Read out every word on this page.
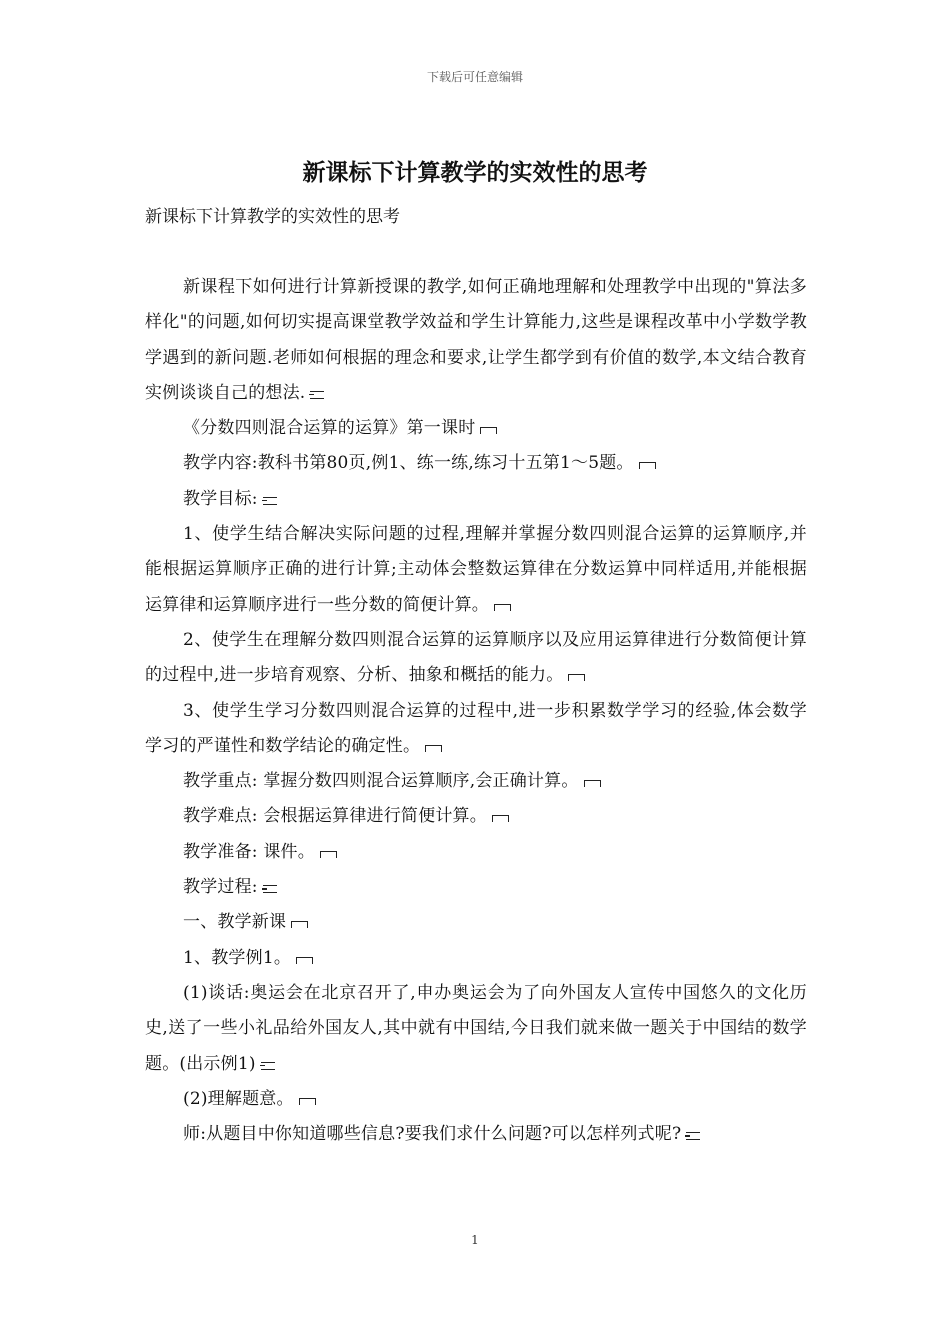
下载后可任意编辑
新课标下计算教学的实效性的思考
新课标下计算教学的实效性的思考

新课程下如何进行计算新授课的教学,如何正确地理解和处理教学中出现的"算法多样化"的问题,如何切实提高课堂教学效益和学生计算能力,这些是课程改革中小学数学教学遇到的新问题.老师如何根据的理念和要求,让学生都学到有价值的数学,本文结合教育实例谈谈自己的想法.

《分数四则混合运算的运算》第一课时

教学内容:教科书第80页,例1、练一练,练习十五第1～5题。

教学目标:

1、使学生结合解决实际问题的过程,理解并掌握分数四则混合运算的运算顺序,并能根据运算顺序正确的进行计算;主动体会整数运算律在分数运算中同样适用,并能根据运算律和运算顺序进行一些分数的简便计算。

2、使学生在理解分数四则混合运算的运算顺序以及应用运算律进行分数简便计算的过程中,进一步培育观察、分析、抽象和概括的能力。

3、使学生学习分数四则混合运算的过程中,进一步积累数学学习的经验,体会数学学习的严谨性和数学结论的确定性。

教学重点: 掌握分数四则混合运算顺序,会正确计算。

教学难点: 会根据运算律进行简便计算。

教学准备: 课件。

教学过程:

一、教学新课

1、教学例1。

(1)谈话:奥运会在北京召开了,申办奥运会为了向外国友人宣传中国悠久的文化历史,送了一些小礼品给外国友人,其中就有中国结,今日我们就来做一题关于中国结的数学题。(出示例1)

(2)理解题意。

师:从题目中你知道哪些信息?要我们求什么问题?可以怎样列式呢?

1
